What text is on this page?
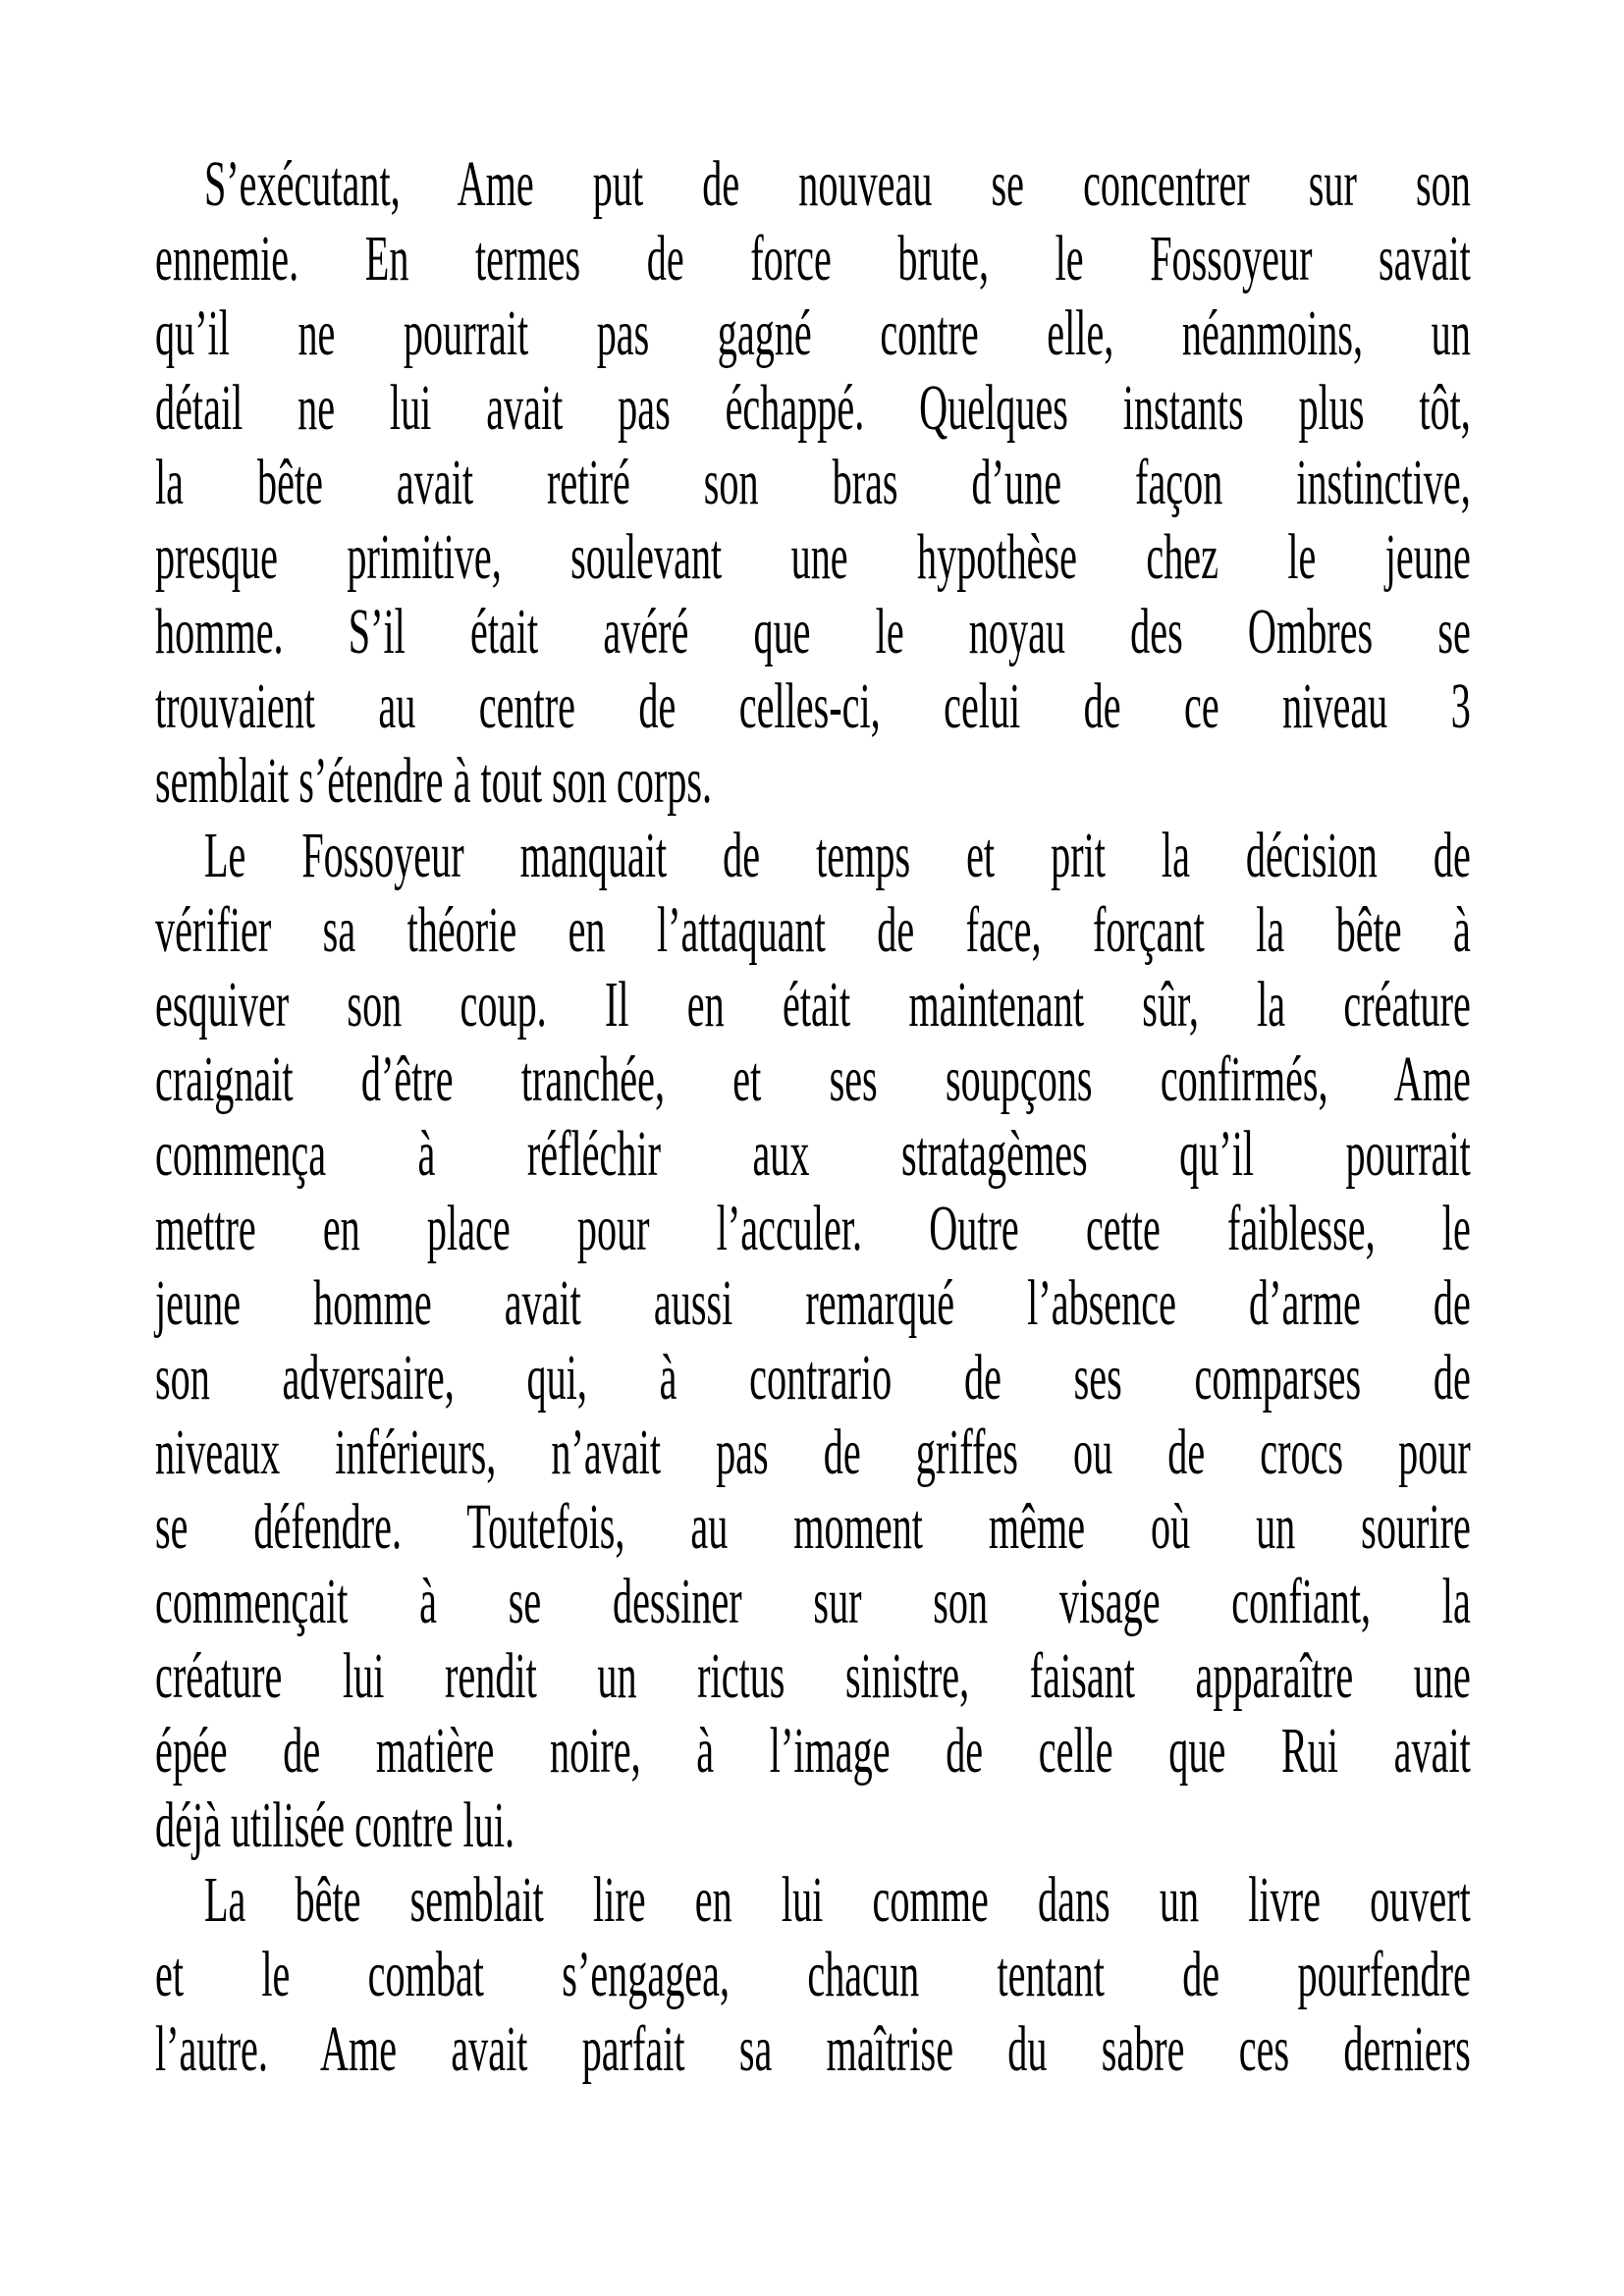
S’exécutant, Ame put de nouveau se concentrer sur son
ennemie. En termes de force brute, le Fossoyeur savait
qu’il ne pourrait pas gagné contre elle, néanmoins, un
détail ne lui avait pas échappé. Quelques instants plus tôt,
la bête avait retiré son bras d’une façon instinctive,
presque primitive, soulevant une hypothèse chez le jeune
homme. S’il était avéré que le noyau des Ombres se
trouvaient au centre de celles-ci, celui de ce niveau 3
semblait s’étendre à tout son corps.
Le Fossoyeur manquait de temps et prit la décision de
vérifier sa théorie en l’attaquant de face, forçant la bête à
esquiver son coup. Il en était maintenant sûr, la créature
craignait d’être tranchée, et ses soupçons confirmés, Ame
commença à réfléchir aux stratagèmes qu’il pourrait
mettre en place pour l’acculer. Outre cette faiblesse, le
jeune homme avait aussi remarqué l’absence d’arme de
son adversaire, qui, à contrario de ses comparses de
niveaux inférieurs, n’avait pas de griffes ou de crocs pour
se défendre. Toutefois, au moment même où un sourire
commençait à se dessiner sur son visage confiant, la
créature lui rendit un rictus sinistre, faisant apparaître une
épée de matière noire, à l’image de celle que Rui avait
déjà utilisée contre lui.
La bête semblait lire en lui comme dans un livre ouvert
et le combat s’engagea, chacun tentant de pourfendre
l’autre. Ame avait parfait sa maîtrise du sabre ces derniers
